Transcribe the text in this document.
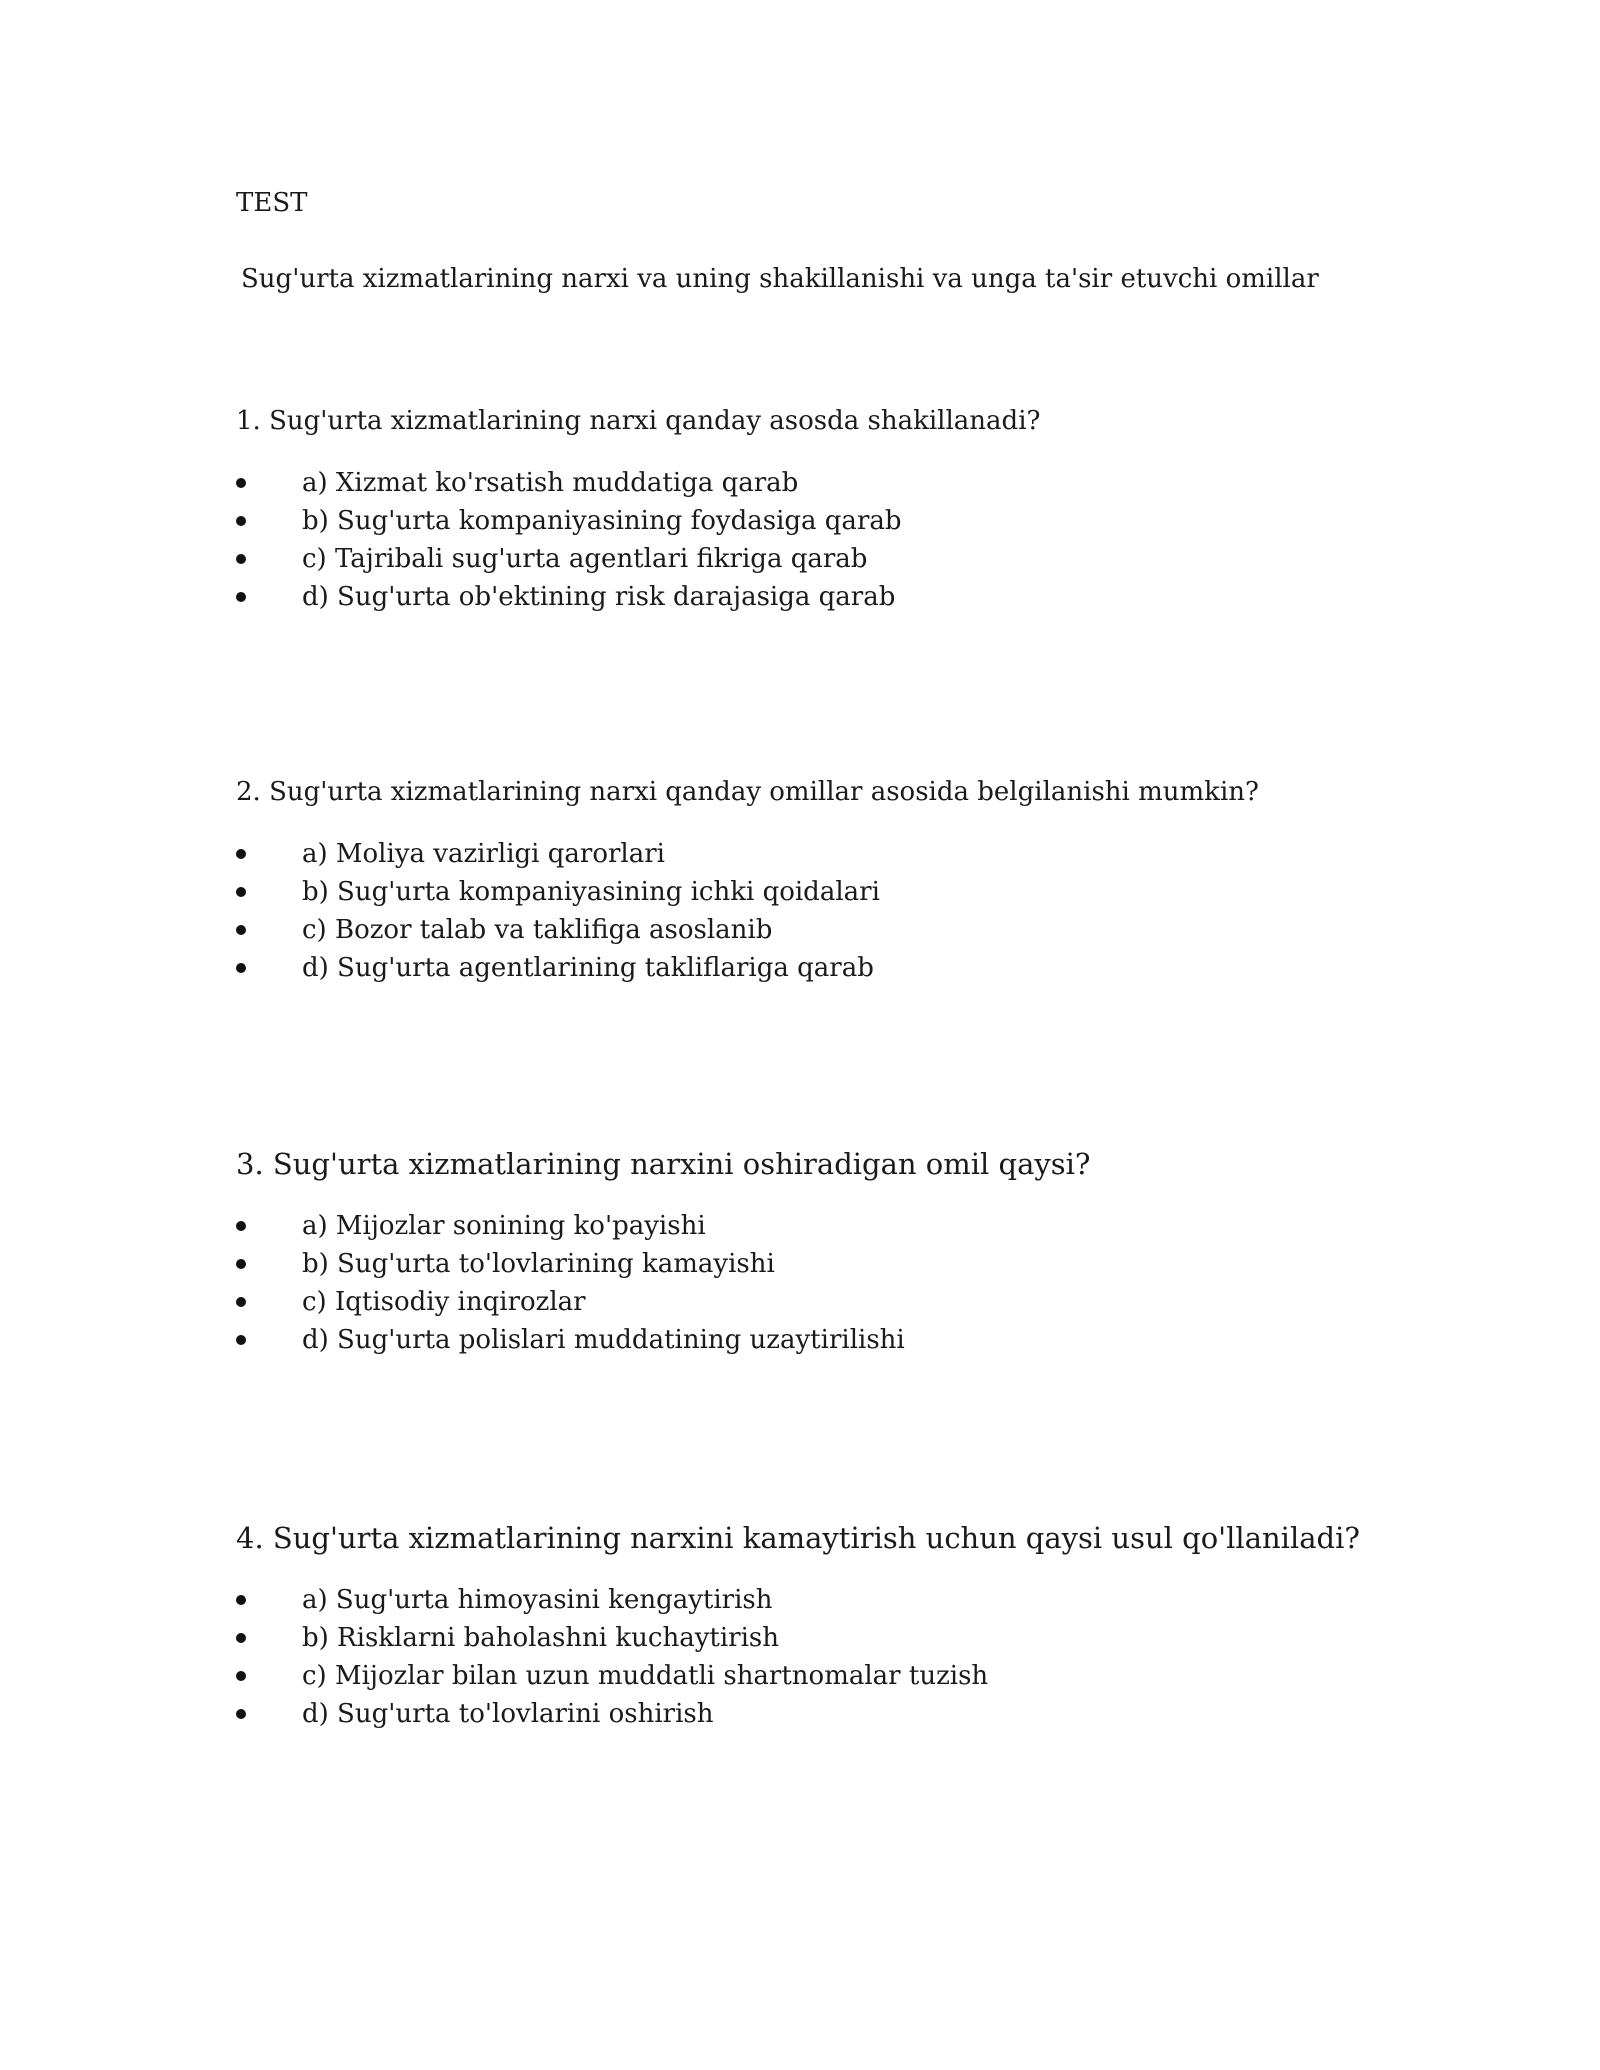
TEST
Sug'urta xizmatlarining narxi va uning shakillanishi va unga ta'sir etuvchi omillar
1. Sug'urta xizmatlarining narxi qanday asosda shakillanadi?
a) Xizmat ko'rsatish muddatiga qarab
b) Sug'urta kompaniyasining foydasiga qarab
c) Tajribali sug'urta agentlari fikriga qarab
d) Sug'urta ob'ektining risk darajasiga qarab
2. Sug'urta xizmatlarining narxi qanday omillar asosida belgilanishi mumkin?
a) Moliya vazirligi qarorlari
b) Sug'urta kompaniyasining ichki qoidalari
c) Bozor talab va taklifiga asoslanib
d) Sug'urta agentlarining takliflariga qarab
3. Sug'urta xizmatlarining narxini oshiradigan omil qaysi?
a) Mijozlar sonining ko'payishi
b) Sug'urta to'lovlarining kamayishi
c) Iqtisodiy inqirozlar
d) Sug'urta polislari muddatining uzaytirilishi
4. Sug'urta xizmatlarining narxini kamaytirish uchun qaysi usul qo'llaniladi?
a) Sug'urta himoyasini kengaytirish
b) Risklarni baholashni kuchaytirish
c) Mijozlar bilan uzun muddatli shartnomalar tuzish
d) Sug'urta to'lovlarini oshirish
